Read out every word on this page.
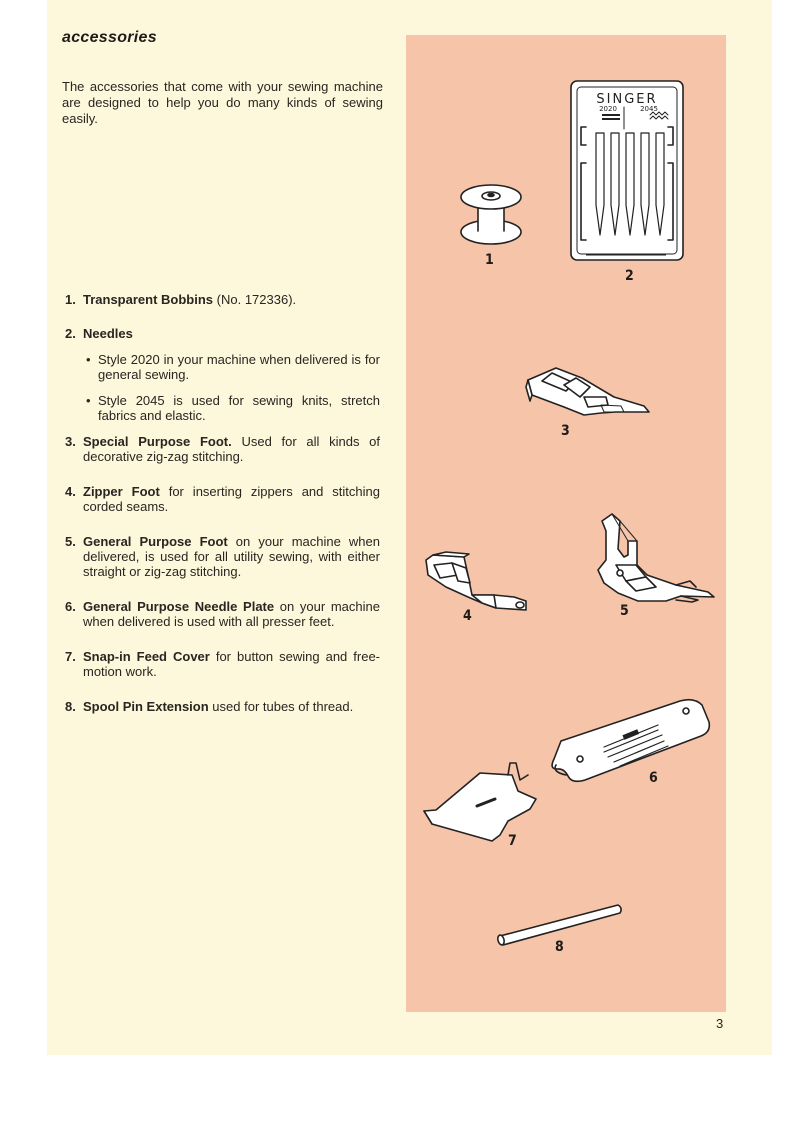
accessories
The accessories that come with your sewing machine are designed to help you do many kinds of sewing easily.
1. Transparent Bobbins (No. 172336).
2. Needles
• Style 2020 in your machine when delivered is for general sewing.
• Style 2045 is used for sewing knits, stretch fabrics and elastic.
3. Special Purpose Foot. Used for all kinds of decorative zig-zag stitching.
4. Zipper Foot for inserting zippers and stitching corded seams.
5. General Purpose Foot on your machine when delivered, is used for all utility sewing, with either straight or zig-zag stitching.
6. General Purpose Needle Plate on your machine when delivered is used with all presser feet.
7. Snap-in Feed Cover for button sewing and free-motion work.
8. Spool Pin Extension used for tubes of thread.
SINGER
2020	2045
1
2
3
4	5
6
7
8
3
